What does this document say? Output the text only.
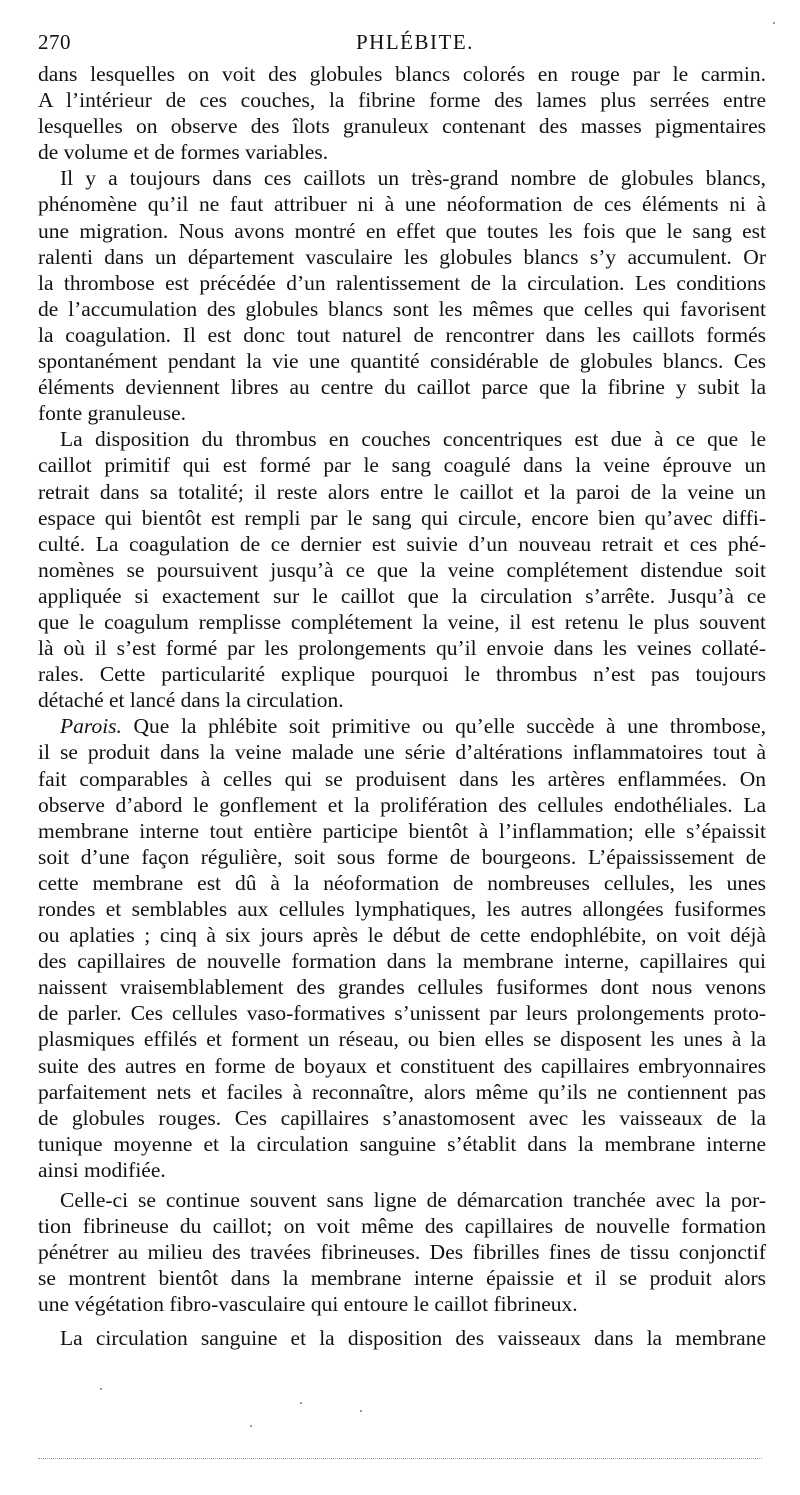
270	PHLÉBITE.
dans lesquelles on voit des globules blancs colorés en rouge par le carmin.
A l’intérieur de ces couches, la fibrine forme des lames plus serrées entre
lesquelles on observe des îlots granuleux contenant des masses pigmentaires
de volume et de formes variables.
Il y a toujours dans ces caillots un très-grand nombre de globules blancs,
phénomène qu’il ne faut attribuer ni à une néoformation de ces éléments ni à
une migration. Nous avons montré en effet que toutes les fois que le sang est
ralenti dans un département vasculaire les globules blancs s’y accumulent. Or
la thrombose est précédée d’un ralentissement de la circulation. Les conditions
de l’accumulation des globules blancs sont les mêmes que celles qui favorisent
la coagulation. Il est donc tout naturel de rencontrer dans les caillots formés
spontanément pendant la vie une quantité considérable de globules blancs. Ces
éléments deviennent libres au centre du caillot parce que la fibrine y subit la
fonte granuleuse.
La disposition du thrombus en couches concentriques est due à ce que le
caillot primitif qui est formé par le sang coagulé dans la veine éprouve un
retrait dans sa totalité; il reste alors entre le caillot et la paroi de la veine un
espace qui bientôt est rempli par le sang qui circule, encore bien qu’avec diffi-
culté. La coagulation de ce dernier est suivie d’un nouveau retrait et ces phé-
nomènes se poursuivent jusqu’à ce que la veine complétement distendue soit
appliquée si exactement sur le caillot que la circulation s’arrête. Jusqu’à ce
que le coagulum remplisse complétement la veine, il est retenu le plus souvent
là où il s’est formé par les prolongements qu’il envoie dans les veines collaté-
rales. Cette particularité explique pourquoi le thrombus n’est pas toujours
détaché et lancé dans la circulation.
Parois. Que la phlébite soit primitive ou qu’elle succède à une thrombose,
il se produit dans la veine malade une série d’altérations inflammatoires tout à
fait comparables à celles qui se produisent dans les artères enflammées. On
observe d’abord le gonflement et la prolifération des cellules endothéliales. La
membrane interne tout entière participe bientôt à l’inflammation; elle s’épaissit
soit d’une façon régulière, soit sous forme de bourgeons. L’épaississement de
cette membrane est dû à la néoformation de nombreuses cellules, les unes
rondes et semblables aux cellules lymphatiques, les autres allongées fusiformes
ou aplaties ; cinq à six jours après le début de cette endophlébite, on voit déjà
des capillaires de nouvelle formation dans la membrane interne, capillaires qui
naissent vraisemblablement des grandes cellules fusiformes dont nous venons
de parler. Ces cellules vaso-formatives s’unissent par leurs prolongements proto-
plasmiques effilés et forment un réseau, ou bien elles se disposent les unes à la
suite des autres en forme de boyaux et constituent des capillaires embryonnaires
parfaitement nets et faciles à reconnaître, alors même qu’ils ne contiennent pas
de globules rouges. Ces capillaires s’anastomosent avec les vaisseaux de la
tunique moyenne et la circulation sanguine s’établit dans la membrane interne
ainsi modifiée.
Celle-ci se continue souvent sans ligne de démarcation tranchée avec la por-
tion fibrineuse du caillot; on voit même des capillaires de nouvelle formation
pénétrer au milieu des travées fibrineuses. Des fibrilles fines de tissu conjonctif
se montrent bientôt dans la membrane interne épaissie et il se produit alors
une végétation fibro-vasculaire qui entoure le caillot fibrineux.
La circulation sanguine et la disposition des vaisseaux dans la membrane
